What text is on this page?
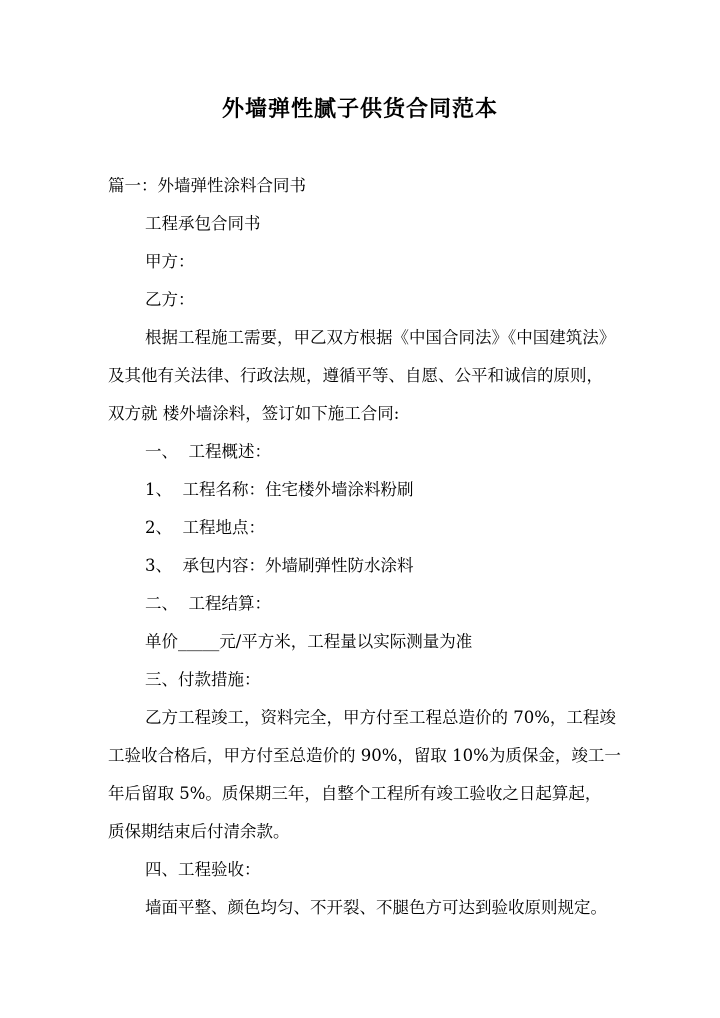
外墙弹性腻子供货合同范本
篇一：外墙弹性涂料合同书
工程承包合同书
甲方：
乙方：
根据工程施工需要，甲乙双方根据《中国合同法》《中国建筑法》
及其他有关法律、行政法规，遵循平等、自愿、公平和诚信的原则，
双方就 楼外墙涂料，签订如下施工合同:
一、  工程概述：
1、  工程名称：住宅楼外墙涂料粉刷
2、  工程地点：
3、  承包内容：外墙刷弹性防水涂料
二、  工程结算：
单价_____元/平方米，工程量以实际测量为准
三、付款措施：
乙方工程竣工，资料完全，甲方付至工程总造价的 70%，工程竣
工验收合格后，甲方付至总造价的 90%，留取 10%为质保金，竣工一
年后留取 5%。质保期三年，自整个工程所有竣工验收之日起算起，
质保期结束后付清余款。
四、工程验收：
墙面平整、颜色均匀、不开裂、不腿色方可达到验收原则规定。
